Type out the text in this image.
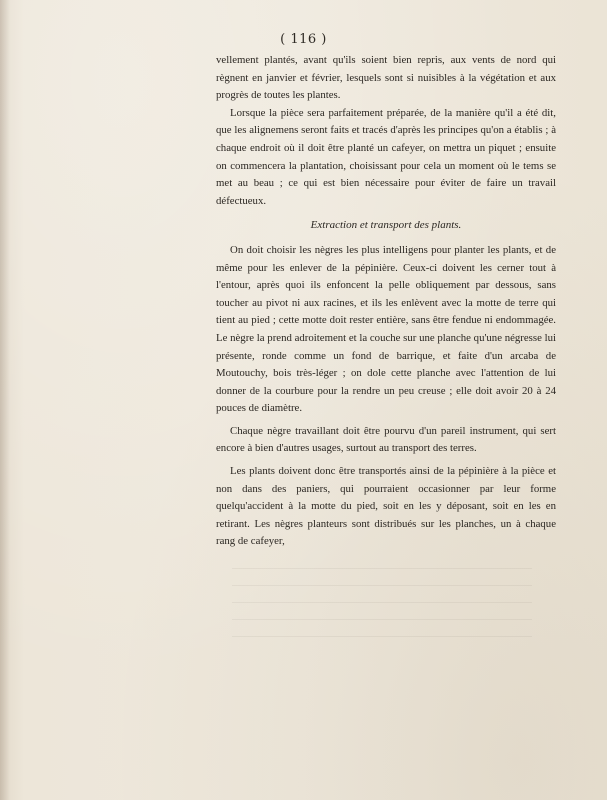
( 116 )

vellement plantés, avant qu'ils soient bien repris, aux vents de nord qui règnent en janvier et février, lesquels sont si nuisibles à la végétation et aux progrès de toutes les plantes.

Lorsque la pièce sera parfaitement préparée, de la manière qu'il a été dit, que les alignemens seront faits et tracés d'après les principes qu'on a établis ; à chaque endroit où il doit être planté un cafeyer, on mettra un piquet ; ensuite on commencera la plantation, choisissant pour cela un moment où le tems se met au beau ; ce qui est bien nécessaire pour éviter de faire un travail défectueux.

Extraction et transport des plants.

On doit choisir les nègres les plus intelligens pour planter les plants, et de même pour les enlever de la pépinière. Ceux-ci doivent les cerner tout à l'entour, après quoi ils enfoncent la pelle obliquement par dessous, sans toucher au pivot ni aux racines, et ils les enlèvent avec la motte de terre qui tient au pied ; cette motte doit rester entière, sans être fendue ni endommagée. Le nègre la prend adroitement et la couche sur une planche qu'une négresse lui présente, ronde comme un fond de barrique, et faite d'un arcaba de Moutouchy, bois très-léger ; on dole cette planche avec l'attention de lui donner de la courbure pour la rendre un peu creuse ; elle doit avoir 20 à 24 pouces de diamètre.

Chaque nègre travaillant doit être pourvu d'un pareil instrument, qui sert encore à bien d'autres usages, surtout au transport des terres.

Les plants doivent donc être transportés ainsi de la pépinière à la pièce et non dans des paniers, qui pourraient occasionner par leur forme quelqu'accident à la motte du pied, soit en les y déposant, soit en les en retirant. Les nègres planteurs sont distribués sur les planches, un à chaque rang de cafeyer,
